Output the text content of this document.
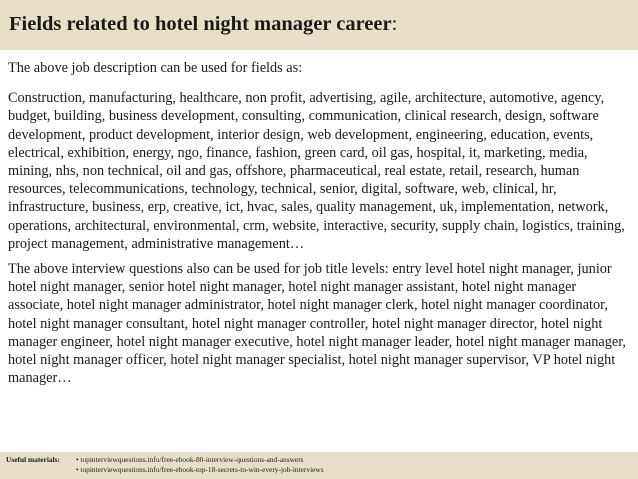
Fields related to hotel night manager career:

The above job description can be used for fields as:

Construction, manufacturing, healthcare, non profit, advertising, agile, architecture, automotive, agency, budget, building, business development, consulting, communication, clinical research, design, software development, product development, interior design, web development, engineering, education, events, electrical, exhibition, energy, ngo, finance, fashion, green card, oil gas, hospital, it, marketing, media, mining, nhs, non technical, oil and gas, offshore, pharmaceutical, real estate, retail, research, human resources, telecommunications, technology, technical, senior, digital, software, web, clinical, hr, infrastructure, business, erp, creative, ict, hvac, sales, quality management, uk, implementation, network, operations, architectural, environmental, crm, website, interactive, security, supply chain, logistics, training, project management, administrative management…

The above interview questions also can be used for job title levels: entry level hotel night manager, junior hotel night manager, senior hotel night manager, hotel night manager assistant, hotel night manager associate, hotel night manager administrator, hotel night manager clerk, hotel night manager coordinator, hotel night manager consultant, hotel night manager controller, hotel night manager director, hotel night manager engineer, hotel night manager executive, hotel night manager leader, hotel night manager manager, hotel night manager officer, hotel night manager specialist, hotel night manager supervisor, VP hotel night manager…

Useful materials:	• topinterviewquestions.info/free-ebook-80-interview-questions-and-answers
• topinterviewquestions.info/free-ebook-top-18-secrets-to-win-every-job-interviews
